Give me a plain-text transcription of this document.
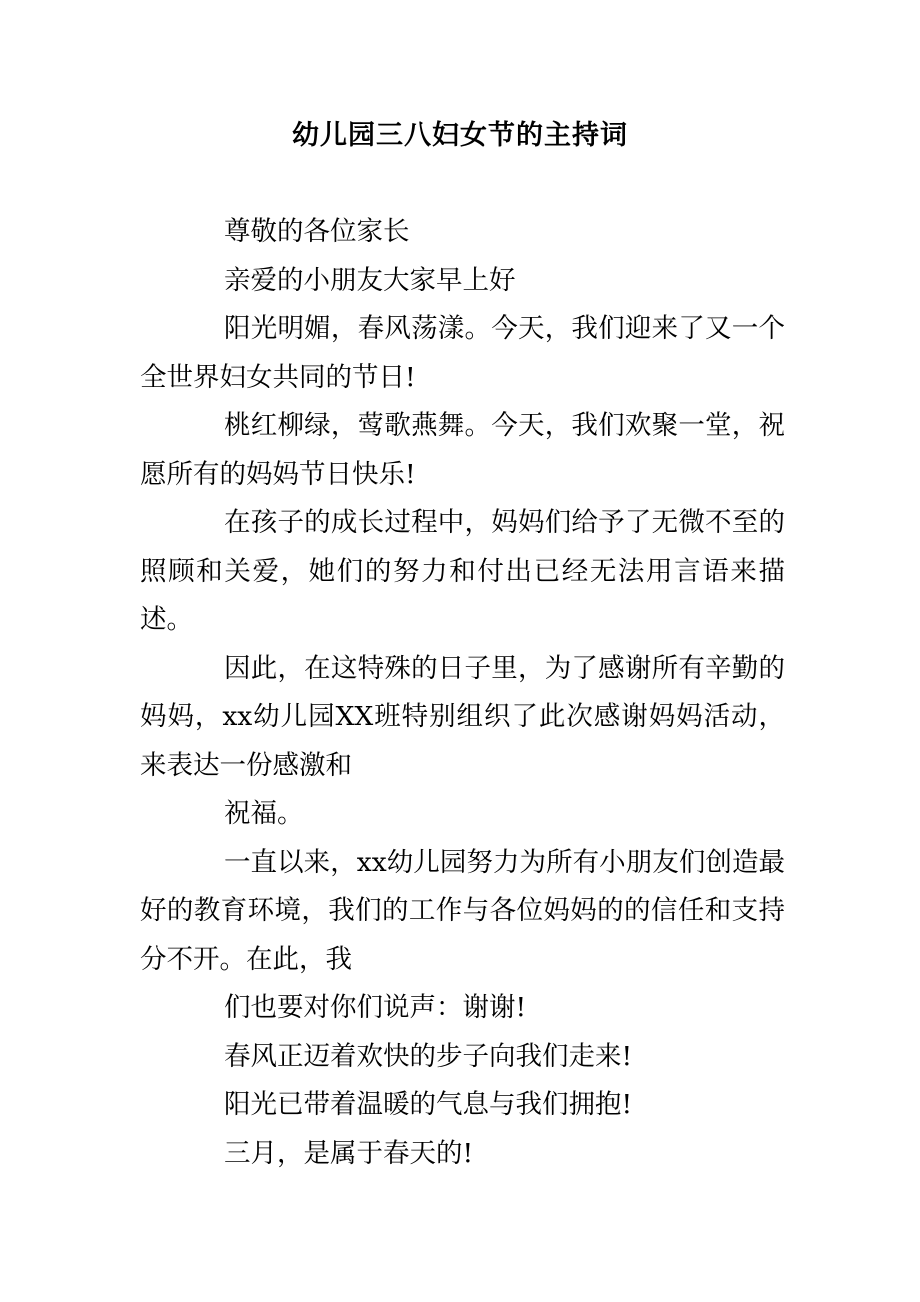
幼儿园三八妇女节的主持词

尊敬的各位家长

亲爱的小朋友大家早上好

阳光明媚，春风荡漾。今天，我们迎来了又一个全世界妇女共同的节日!

桃红柳绿，莺歌燕舞。今天，我们欢聚一堂，祝愿所有的妈妈节日快乐!

在孩子的成长过程中，妈妈们给予了无微不至的照顾和关爱，她们的努力和付出已经无法用言语来描述。

因此，在这特殊的日子里，为了感谢所有辛勤的妈妈，xx幼儿园XX班特别组织了此次感谢妈妈活动，来表达一份感激和

祝福。

一直以来，xx幼儿园努力为所有小朋友们创造最好的教育环境，我们的工作与各位妈妈的的信任和支持分不开。在此，我

们也要对你们说声：谢谢!

春风正迈着欢快的步子向我们走来!

阳光已带着温暖的气息与我们拥抱!

三月，是属于春天的!
